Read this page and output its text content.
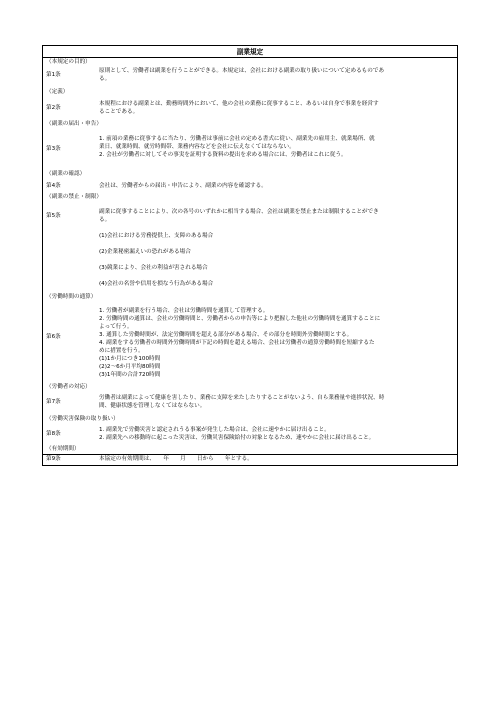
副業規定
（本規定の目的）
第1条
原則として、労働者は副業を行うことができる。本規定は、会社における副業の取り扱いについて定めるものであ
る。
（定義）
第2条
本規程における副業とは、勤務時間外において、他の会社の業務に従事すること、あるいは自身で事業を経営す
ることである。
（副業の届出・申告）
第3条
1. 前項の業務に従事するに当たり、労働者は事前に会社の定める書式に従い、副業先の雇用主、就業場所、就
業日、就業時間、就労時間帯、業務内容などを会社に伝えなくてはならない。
2. 会社が労働者に対してその事実を証明する資料の提出を求める場合には、労働者はこれに従う。
（副業の確認）
第4条	会社は、労働者からの届出・申告により、副業の内容を確認する。
（副業の禁止・制限）
第5条
副業に従事することにより、次の各号のいずれかに相当する場合、会社は副業を禁止または制限することができ
る。
(1)会社における労務提供上、支障のある場合
(2)企業秘密漏えいの恐れがある場合
(3)競業により、会社の利益が害される場合
(4)会社の名誉や信用を損なう行為がある場合
（労働時間の通算）
第6条
1. 労働者が副業を行う場合、会社は労働時間を通算して管理する。
2. 労働時間の通算は、会社の労働時間と、労働者からの申告等により把握した他社の労働時間を通算することに
よって行う。
3. 通算した労働時間が、法定労働時間を超える部分がある場合、その部分を時間外労働時間とする。
4. 副業をする労働者の時間外労働時間が下記の時間を超える場合、会社は労働者の通算労働時間を短縮するた
めに措置を行う。
(1)1か月につき100時間
(2)2～6か月平均80時間
(3)1年間の合計720時間
（労働者の対応）
第7条
労働者は副業によって健康を害したり、業務に支障を来たしたりすることがないよう、自ら業務量や進捗状況、時
間、健康状態を管理しなくてはならない。
（労働災害保険の取り扱い）
第8条
1. 副業先で労働災害と認定されうる事案が発生した場合は、会社に速やかに届け出ること。
2. 副業先への移動時に起こった災害は、労働災害保険給付の対象となるため、速やかに会社に届け出ること。
（有効期間）
第9条	本協定の有効期間は、　　年　　月　　日から　　年とする。
